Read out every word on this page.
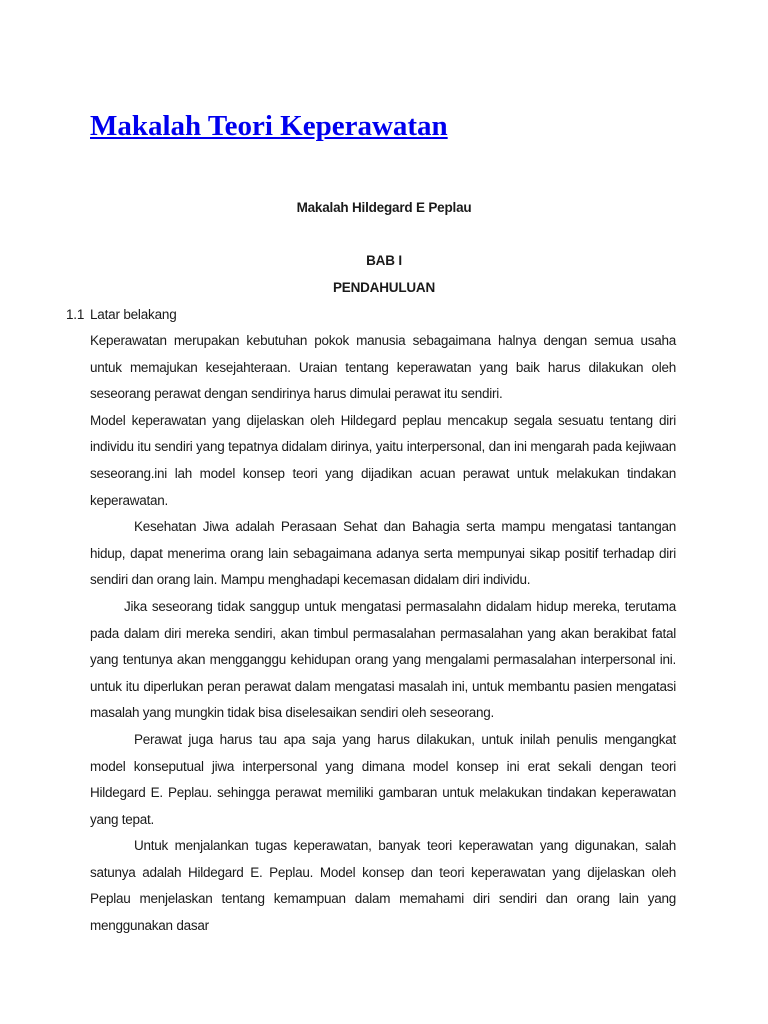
Makalah Teori Keperawatan

Makalah Hildegard E Peplau

BAB I

PENDAHULUAN

1.1 Latar belakang

Keperawatan merupakan kebutuhan pokok manusia sebagaimana halnya dengan semua usaha untuk memajukan kesejahteraan. Uraian tentang keperawatan yang baik harus dilakukan oleh seseorang perawat dengan sendirinya harus dimulai perawat itu sendiri.

Model keperawatan yang dijelaskan oleh Hildegard peplau mencakup segala sesuatu tentang diri individu itu sendiri yang tepatnya didalam dirinya, yaitu interpersonal, dan ini mengarah pada kejiwaan seseorang.ini lah model konsep teori yang dijadikan acuan perawat untuk melakukan tindakan keperawatan.

Kesehatan Jiwa adalah Perasaan Sehat dan Bahagia serta mampu mengatasi tantangan hidup, dapat menerima orang lain sebagaimana adanya serta mempunyai sikap positif terhadap diri sendiri dan orang lain. Mampu menghadapi kecemasan didalam diri individu.

Jika seseorang tidak sanggup untuk mengatasi permasalahn didalam hidup mereka, terutama pada dalam diri mereka sendiri, akan timbul permasalahan permasalahan yang akan berakibat fatal yang tentunya akan mengganggu kehidupan orang yang mengalami permasalahan interpersonal ini. untuk itu diperlukan peran perawat dalam mengatasi masalah ini, untuk membantu pasien mengatasi masalah yang mungkin tidak bisa diselesaikan sendiri oleh seseorang.

Perawat juga harus tau apa saja yang harus dilakukan, untuk inilah penulis mengangkat model konseputual jiwa interpersonal yang dimana model konsep ini erat sekali dengan teori Hildegard E. Peplau. sehingga perawat memiliki gambaran untuk melakukan tindakan keperawatan yang tepat.

Untuk menjalankan tugas keperawatan, banyak teori keperawatan yang digunakan, salah satunya adalah Hildegard E. Peplau. Model konsep dan teori keperawatan yang dijelaskan oleh Peplau menjelaskan tentang kemampuan dalam memahami diri sendiri dan orang lain yang menggunakan dasar
